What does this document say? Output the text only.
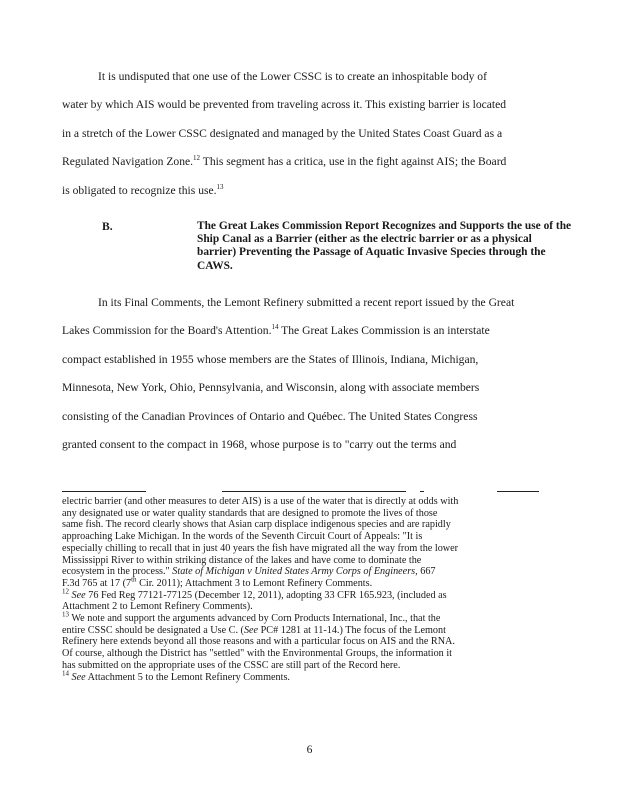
It is undisputed that one use of the Lower CSSC is to create an inhospitable body of
water by which AIS would be prevented from traveling across it. This existing barrier is located
in a stretch of the Lower CSSC designated and managed by the United States Coast Guard as a
Regulated Navigation Zone.$^{12}$ This segment has a critica, use in the fight against AIS; the Board
is obligated to recognize this use.$^{13}$
B.	The Great Lakes Commission Report Recognizes and Supports the use of the
Ship Canal as a Barrier (either as the electric barrier or as a physical
barrier) Preventing the Passage of Aquatic Invasive Species through the
CAWS.
In its Final Comments, the Lemont Refinery submitted a recent report issued by the Great
Lakes Commission for the Board's Attention.$^{14}$ The Great Lakes Commission is an interstate
compact established in 1955 whose members are the States of Illinois, Indiana, Michigan,
Minnesota, New York, Ohio, Pennsylvania, and Wisconsin, along with associate members
consisting of the Canadian Provinces of Ontario and Québec. The United States Congress
granted consent to the compact in 1968, whose purpose is to "carry out the terms and
electric barrier (and other measures to deter AIS) is a use of the water that is directly at odds with
any designated use or water quality standards that are designed to promote the lives of those
same fish. The record clearly shows that Asian carp displace indigenous species and are rapidly
approaching Lake Michigan. In the words of the Seventh Circuit Court of Appeals: "It is
especially chilling to recall that in just 40 years the fish have migrated all the way from the lower
Mississippi River to within striking distance of the lakes and have come to dominate the
ecosystem in the process." State of Michigan v United States Army Corps of Engineers, 667
F.3d 765 at 17 (7th Cir. 2011); Attachment 3 to Lemont Refinery Comments.
$^{12}$ See 76 Fed Reg 77121-77125 (December 12, 2011), adopting 33 CFR 165.923, (included as
Attachment 2 to Lemont Refinery Comments).
$^{13}$ We note and support the arguments advanced by Corn Products International, Inc., that the
entire CSSC should be designated a Use C. (See PC# 1281 at 11-14.) The focus of the Lemont
Refinery here extends beyond all those reasons and with a particular focus on AIS and the RNA.
Of course, although the District has "settled" with the Environmental Groups, the information it
has submitted on the appropriate uses of the CSSC are still part of the Record here.
$^{14}$ See Attachment 5 to the Lemont Refinery Comments.
6
